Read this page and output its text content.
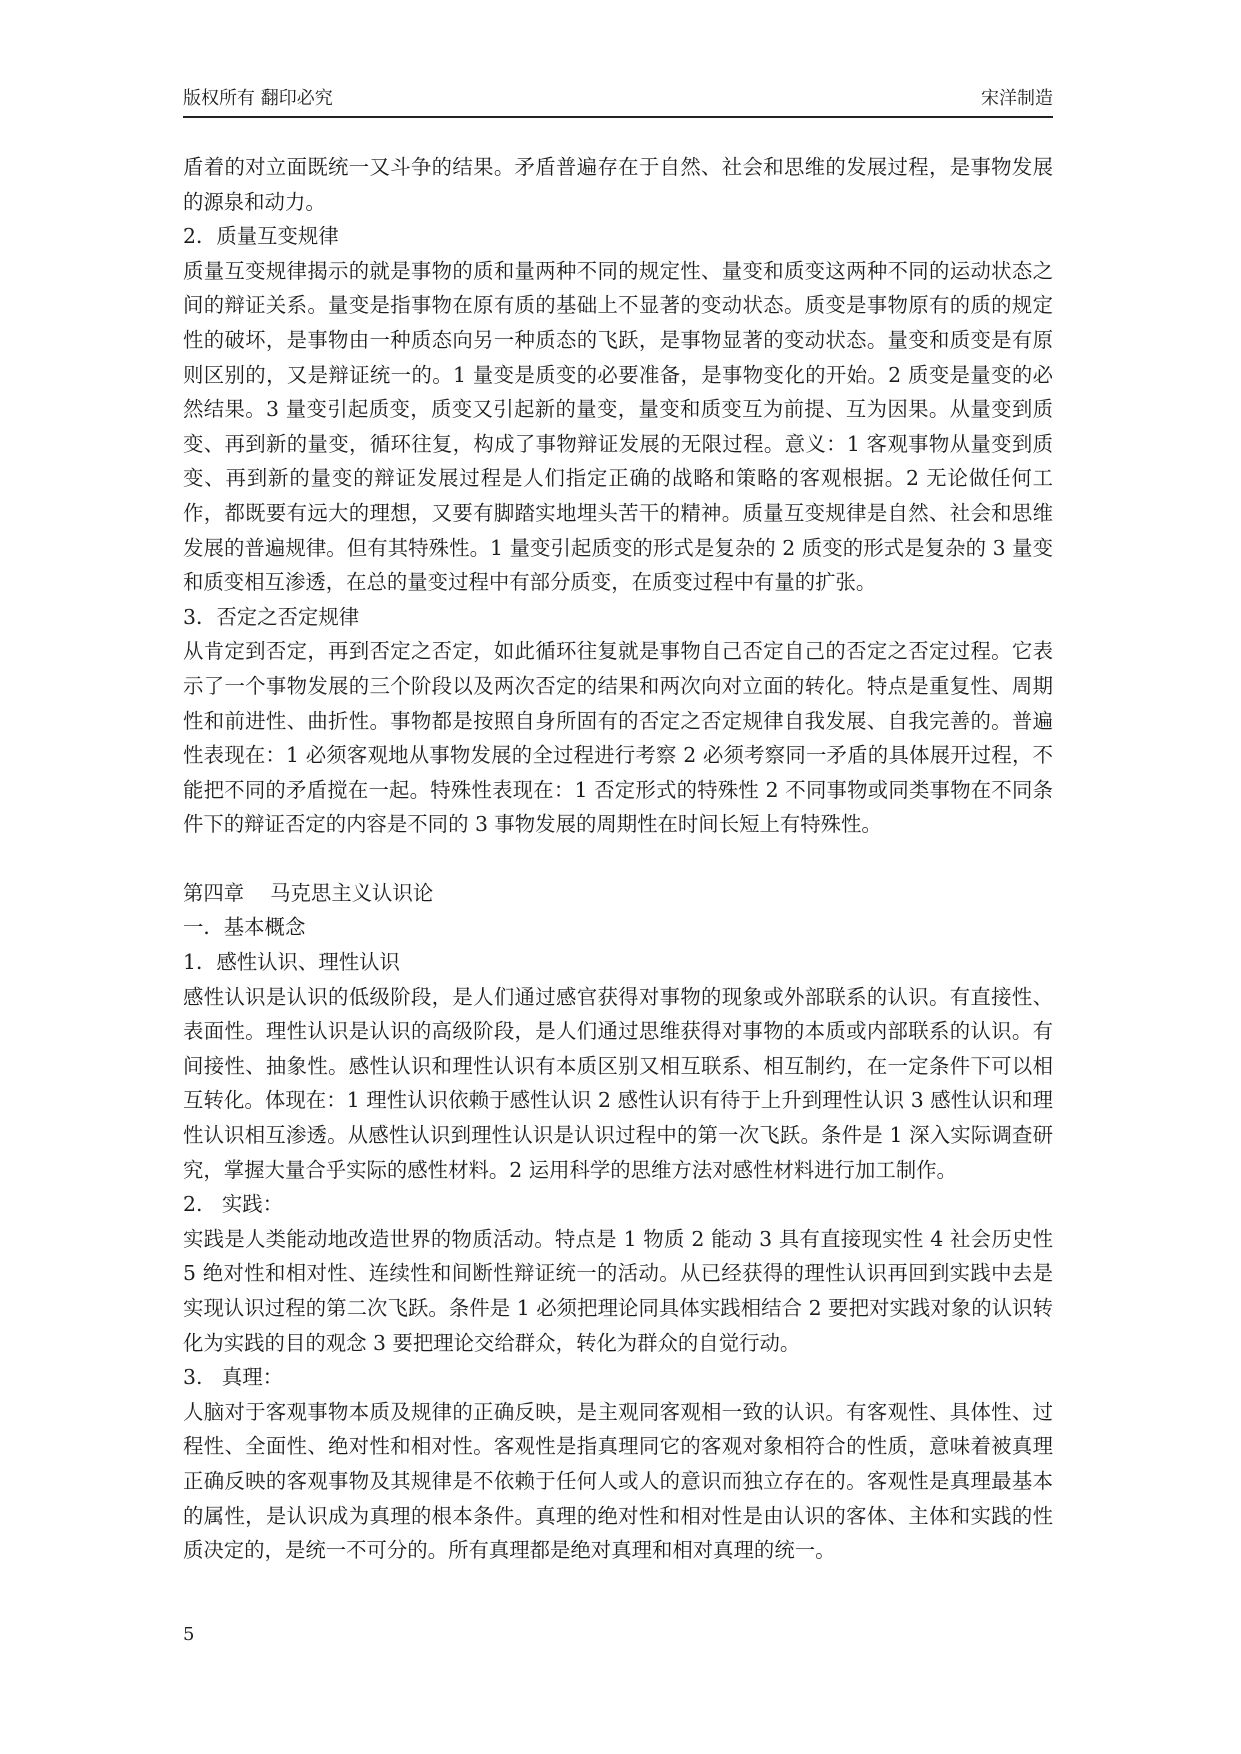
版权所有 翻印必究	宋洋制造

盾着的对立面既统一又斗争的结果。矛盾普遍存在于自然、社会和思维的发展过程，是事物发展的源泉和动力。

2．质量互变规律

质量互变规律揭示的就是事物的质和量两种不同的规定性、量变和质变这两种不同的运动状态之间的辩证关系。量变是指事物在原有质的基础上不显著的变动状态。质变是事物原有的质的规定性的破坏，是事物由一种质态向另一种质态的飞跃，是事物显著的变动状态。量变和质变是有原则区别的，又是辩证统一的。1 量变是质变的必要准备，是事物变化的开始。2 质变是量变的必然结果。3 量变引起质变，质变又引起新的量变，量变和质变互为前提、互为因果。从量变到质变、再到新的量变，循环往复，构成了事物辩证发展的无限过程。意义：1 客观事物从量变到质变、再到新的量变的辩证发展过程是人们指定正确的战略和策略的客观根据。2 无论做任何工作，都既要有远大的理想，又要有脚踏实地埋头苦干的精神。质量互变规律是自然、社会和思维发展的普遍规律。但有其特殊性。1 量变引起质变的形式是复杂的 2 质变的形式是复杂的 3 量变和质变相互渗透，在总的量变过程中有部分质变，在质变过程中有量的扩张。

3．否定之否定规律

从肯定到否定，再到否定之否定，如此循环往复就是事物自己否定自己的否定之否定过程。它表示了一个事物发展的三个阶段以及两次否定的结果和两次向对立面的转化。特点是重复性、周期性和前进性、曲折性。事物都是按照自身所固有的否定之否定规律自我发展、自我完善的。普遍性表现在：1 必须客观地从事物发展的全过程进行考察 2 必须考察同一矛盾的具体展开过程，不能把不同的矛盾搅在一起。特殊性表现在：1 否定形式的特殊性 2 不同事物或同类事物在不同条件下的辩证否定的内容是不同的 3 事物发展的周期性在时间长短上有特殊性。

第四章    马克思主义认识论

一．基本概念

1．感性认识、理性认识

感性认识是认识的低级阶段，是人们通过感官获得对事物的现象或外部联系的认识。有直接性、表面性。理性认识是认识的高级阶段，是人们通过思维获得对事物的本质或内部联系的认识。有间接性、抽象性。感性认识和理性认识有本质区别又相互联系、相互制约，在一定条件下可以相互转化。体现在：1 理性认识依赖于感性认识 2 感性认识有待于上升到理性认识 3 感性认识和理性认识相互渗透。从感性认识到理性认识是认识过程中的第一次飞跃。条件是 1 深入实际调查研究，掌握大量合乎实际的感性材料。2 运用科学的思维方法对感性材料进行加工制作。

2.   实践：

实践是人类能动地改造世界的物质活动。特点是 1 物质 2 能动 3 具有直接现实性 4 社会历史性 5 绝对性和相对性、连续性和间断性辩证统一的活动。从已经获得的理性认识再回到实践中去是实现认识过程的第二次飞跃。条件是 1 必须把理论同具体实践相结合 2 要把对实践对象的认识转化为实践的目的观念 3 要把理论交给群众，转化为群众的自觉行动。

3.   真理：

人脑对于客观事物本质及规律的正确反映，是主观同客观相一致的认识。有客观性、具体性、过程性、全面性、绝对性和相对性。客观性是指真理同它的客观对象相符合的性质，意味着被真理正确反映的客观事物及其规律是不依赖于任何人或人的意识而独立存在的。客观性是真理最基本的属性，是认识成为真理的根本条件。真理的绝对性和相对性是由认识的客体、主体和实践的性质决定的，是统一不可分的。所有真理都是绝对真理和相对真理的统一。

5
